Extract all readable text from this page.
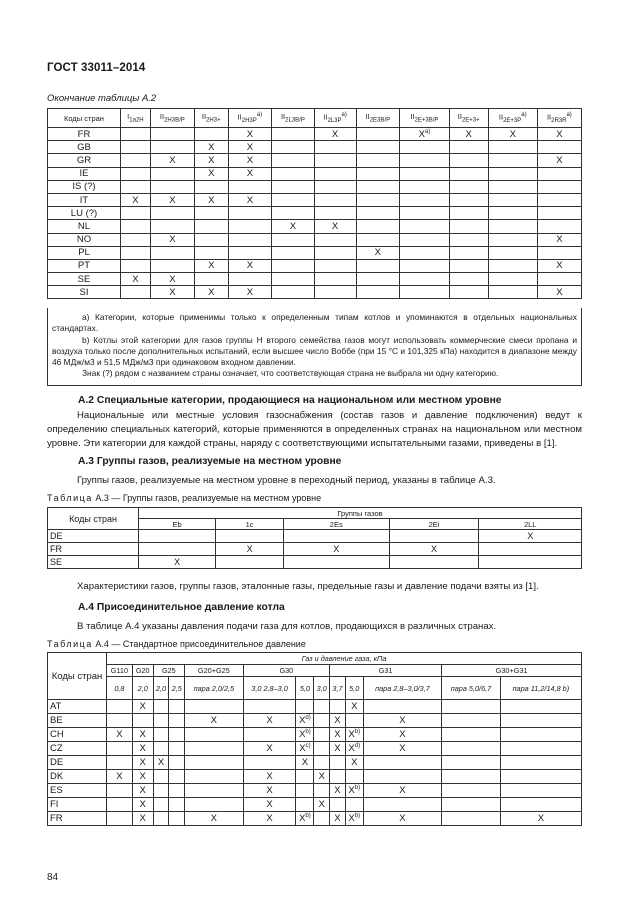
ГОСТ 33011–2014
Окончание таблицы А.2
Коды стран	$I_{1a2H}$	$II_{2H3B/P}$	$II_{2H3+}$	$II_{2H3P}^{a)}$	$II_{2L3B/P}$	$II_{2L3P}^{a)}$	$II_{2E3B/P}$	$II_{2E+3B/P}$	$II_{2E+3+}$	$II_{2E+3P}^{a)}$	$II_{2R3R}^{a)}$
FR				X		X		$X^{a)}$	X	X	X
GB			X	X							
GR		X	X	X							X
IE			X	X							
IS (?)											
IT	X	X	X	X							
LU (?)											
NL					X	X					
NO		X									X
PL							X				
PT			X	X							X
SE	X	X									
SI		X	X	X							X

а) Категории, которые применимы только к определенным типам котлов и упоминаются в отдельных национальных стандартах.

b) Котлы этой категории для газов группы Н второго семейства газов могут использовать коммерческие смеси пропана и воздуха только после дополнительных испытаний, если высшее число Воббе (при 15 °С и 101,325 кПа) находится в диапазоне между 46 МДж/м3 и 51,5 МДж/м3 при одинаковом входном давлении.

Знак (?) рядом с названием страны означает, что соответствующая страна не выбрала ни одну категорию.

А.2 Специальные категории, продающиеся на национальном или местном уровне
Национальные или местные условия газоснабжения (состав газов и давление подключения) ведут к определению специальных категорий, которые применяются в определенных странах на национальном или местном уровне. Эти категории для каждой страны, наряду с соответствующими испытательными газами, приведены в [1].
А.3 Группы газов, реализуемые на местном уровне
Группы газов, реализуемые на местном уровне в переходный период, указаны в таблице А.3.
Таблица А.3 — Группы газов, реализуемые на местном уровне
Коды стран	Группы газов				
	Еb	1c	2Es	2Ei	2LL
DE					X
FR		X	X	X	
SE	X				
Характеристики газов, группы газов, эталонные газы, предельные газы и давление подачи взяты из [1].
А.4 Присоединительное давление котла
В таблице А.4 указаны давления подачи газа для котлов, продающихся в различных странах.
Таблица А.4 — Стандартное присоединительное давление
Коды стран	Газ и давление газа, кПа												
	G110	G20	G25		G20+G25	G30			G31			G30+G31	
	0,8	2,0	2,0	2,5	пара 2,0/2,5	3,0 2,8–3,0	5,0	3,0	3,7	5,0	пара 2,8–3,0/3,7	пара 5,0/6,7	пара 11,2/14,8 b)
AT		X								X			
BE					X	X	$X^{d)}$		X		X		
CH	X	X					$X^{b)}$		X	$X^{b)}$	X		
CZ		X				X	$X^{c)}$		X	$X^{d)}$	X		
DE		X	X				X			X			
DK	X	X				X		X					
ES		X				X			X	$X^{b)}$	X		
FI		X				X		X					
FR		X			X	X	$X^{b)}$		X	$X^{b)}$	X		X
84
